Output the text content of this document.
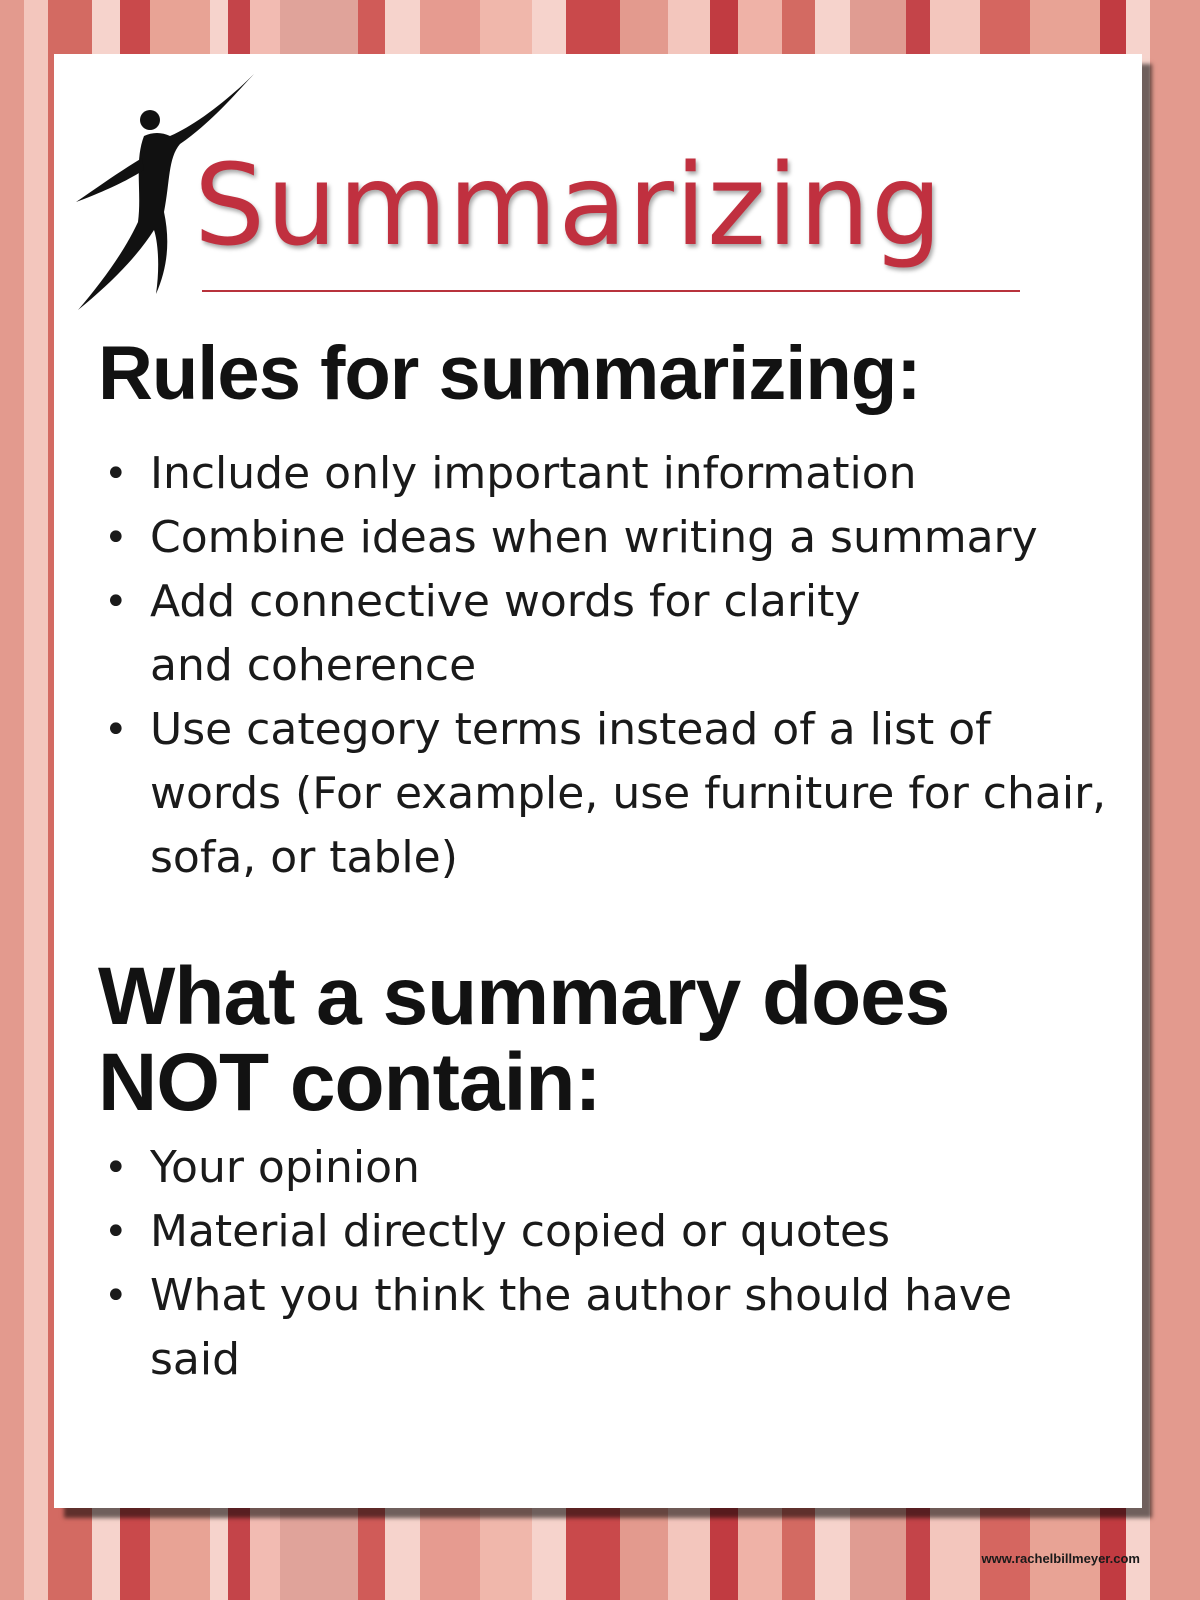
Summarizing
Rules for summarizing:
• Include only important information
• Combine ideas when writing a summary
• Add connective words for clarity and coherence
• Use category terms instead of a list of words (For example, use furniture for chair, sofa, or table)
What a summary does NOT contain:
• Your opinion
• Material directly copied or quotes
• What you think the author should have said
www.rachelbillmeyer.com
